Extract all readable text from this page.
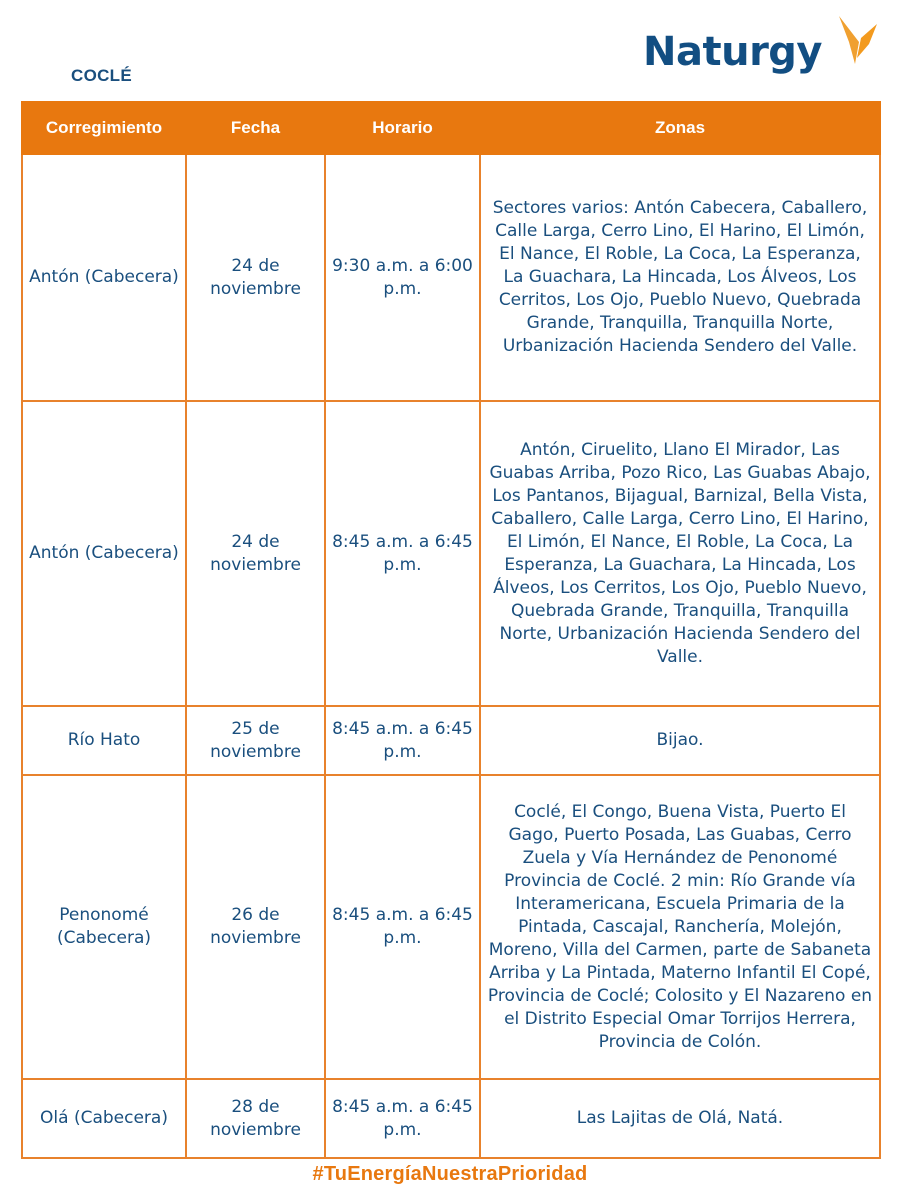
COCLÉ
Naturgy
Corregimiento	Fecha	Horario	Zonas
Antón (Cabecera)	24 de noviembre	9:30 a.m. a 6:00 p.m.	Sectores varios: Antón Cabecera, Caballero, Calle Larga, Cerro Lino, El Harino, El Limón, El Nance, El Roble, La Coca, La Esperanza, La Guachara, La Hincada, Los Álveos, Los Cerritos, Los Ojo, Pueblo Nuevo, Quebrada Grande, Tranquilla, Tranquilla Norte, Urbanización Hacienda Sendero del Valle.
Antón (Cabecera)	24 de noviembre	8:45 a.m. a 6:45 p.m.	Antón, Ciruelito, Llano El Mirador, Las Guabas Arriba, Pozo Rico, Las Guabas Abajo, Los Pantanos, Bijagual, Barnizal, Bella Vista, Caballero, Calle Larga, Cerro Lino, El Harino, El Limón, El Nance, El Roble, La Coca, La Esperanza, La Guachara, La Hincada, Los Álveos, Los Cerritos, Los Ojo, Pueblo Nuevo, Quebrada Grande, Tranquilla, Tranquilla Norte, Urbanización Hacienda Sendero del Valle.
Río Hato	25 de noviembre	8:45 a.m. a 6:45 p.m.	Bijao.
Penonomé (Cabecera)	26 de noviembre	8:45 a.m. a 6:45 p.m.	Coclé, El Congo, Buena Vista, Puerto El Gago, Puerto Posada, Las Guabas, Cerro Zuela y Vía Hernández de Penonomé Provincia de Coclé. 2 min: Río Grande vía Interamericana, Escuela Primaria de la Pintada, Cascajal, Ranchería, Molejón, Moreno, Villa del Carmen, parte de Sabaneta Arriba y La Pintada, Materno Infantil El Copé, Provincia de Coclé; Colosito y El Nazareno en el Distrito Especial Omar Torrijos Herrera, Provincia de Colón.
Olá (Cabecera)	28 de noviembre	8:45 a.m. a 6:45 p.m.	Las Lajitas de Olá, Natá.
#TuEnergíaNuestraPrioridad
